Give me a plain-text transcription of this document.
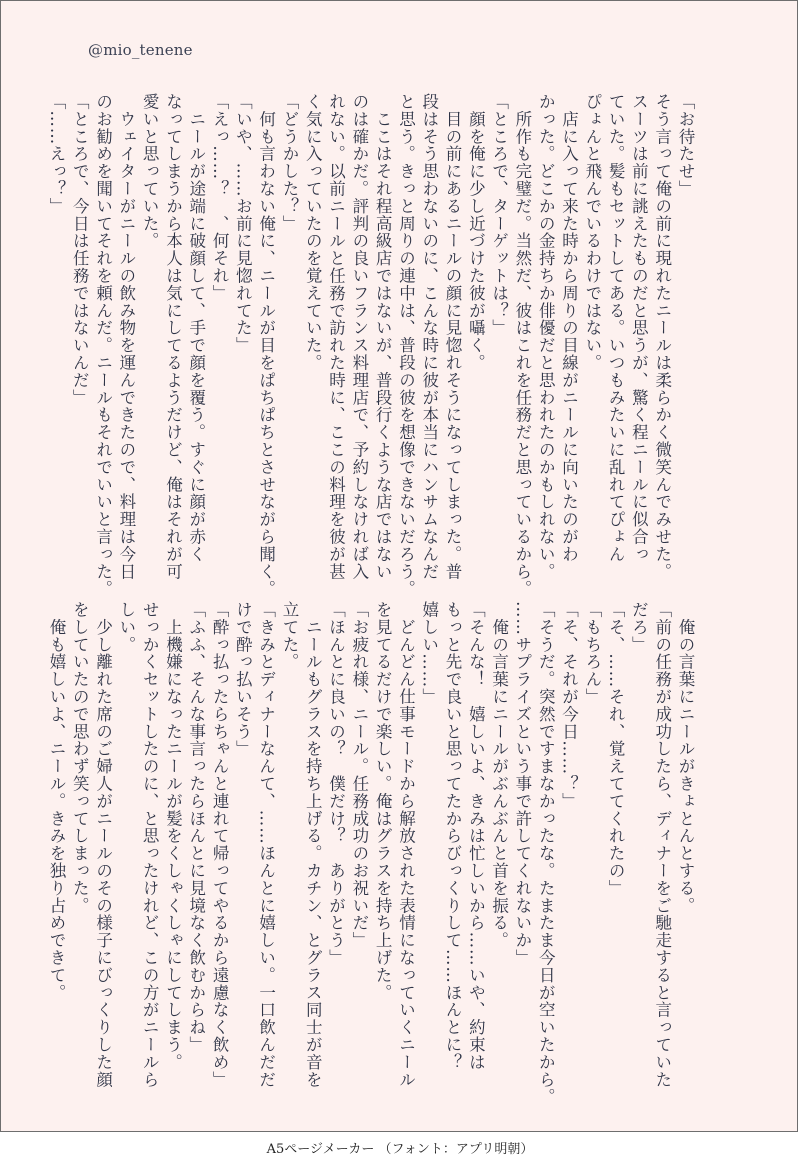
@mio_tenene

「お待たせ」

そう言って俺の前に現れたニールは柔らかく微笑んでみせた。

スーツは前に誂えたものだと思うが、驚く程ニールに似合っ

ていた。髪もセットしてある。いつもみたいに乱れてぴょん

ぴょんと飛んでいるわけではない。

　店に入って来た時から周りの目線がニールに向いたのがわ

かった。どこかの金持ちか俳優だと思われたのかもしれない。

　所作も完璧だ。当然だ、彼はこれを任務だと思っているから。

「ところで、ターゲットは？」

　顔を俺に少し近づけた彼が囁く。

　目の前にあるニールの顔に見惚れそうになってしまった。普

段はそう思わないのに、こんな時に彼が本当にハンサムなんだ

と思う。きっと周りの連中は、普段の彼を想像できないだろう。

　ここはそれ程高級店ではないが、普段行くような店ではない

のは確かだ。評判の良いフランス料理店で、予約しなければ入

れない。以前ニールと任務で訪れた時に、ここの料理を彼が甚

く気に入っていたのを覚えていた。

「どうかした？」

　何も言わない俺に、ニールが目をぱちぱちとさせながら聞く。

「いや、……お前に見惚れてた」

「えっ……？　、何それ」

　ニールが途端に破顔して、手で顔を覆う。すぐに顔が赤く

なってしまうから本人は気にしてるようだけど、俺はそれが可

愛いと思っていた。

　ウェイターがニールの飲み物を運んできたので、料理は今日

のお勧めを聞いてそれを頼んだ。ニールもそれでいいと言った。

「ところで、今日は任務ではないんだ」

「……えっ？」

　俺の言葉にニールがきょとんとする。

「前の任務が成功したら、ディナーをご馳走すると言っていた

だろ」

「そ、……それ、覚えててくれたの」

「もちろん」

「そ、それが今日……？」

「そうだ。突然ですまなかったな。たまたま今日が空いたから。

……サプライズという事で許してくれないか」

　俺の言葉にニールがぶんぶんと首を振る。

「そんな！　嬉しいよ、きみは忙しいから……いや、約束は

もっと先で良いと思ってたからびっくりして……ほんとに？

嬉しい……」

　どんどん仕事モードから解放された表情になっていくニール

を見てるだけで楽しい。俺はグラスを持ち上げた。

「お疲れ様、ニール。任務成功のお祝いだ」

「ほんとに良いの？　僕だけ？　ありがとう」

　ニールもグラスを持ち上げる。カチン、とグラス同士が音を

立てた。

「きみとディナーなんて、……ほんとに嬉しい。一口飲んだだ

けで酔っ払いそう」

「酔っ払ったらちゃんと連れて帰ってやるから遠慮なく飲め」

「ふふ、そんな事言ったらほんとに見境なく飲むからね」

　上機嫌になったニールが髪をくしゃくしゃにしてしまう。

せっかくセットしたのに、と思ったけれど、この方がニールら

しい。

　少し離れた席のご婦人がニールのその様子にびっくりした顔

をしていたので思わず笑ってしまった。

　俺も嬉しいよ、ニール。きみを独り占めできて。

A5ページメーカー （フォント：アプリ明朝）
